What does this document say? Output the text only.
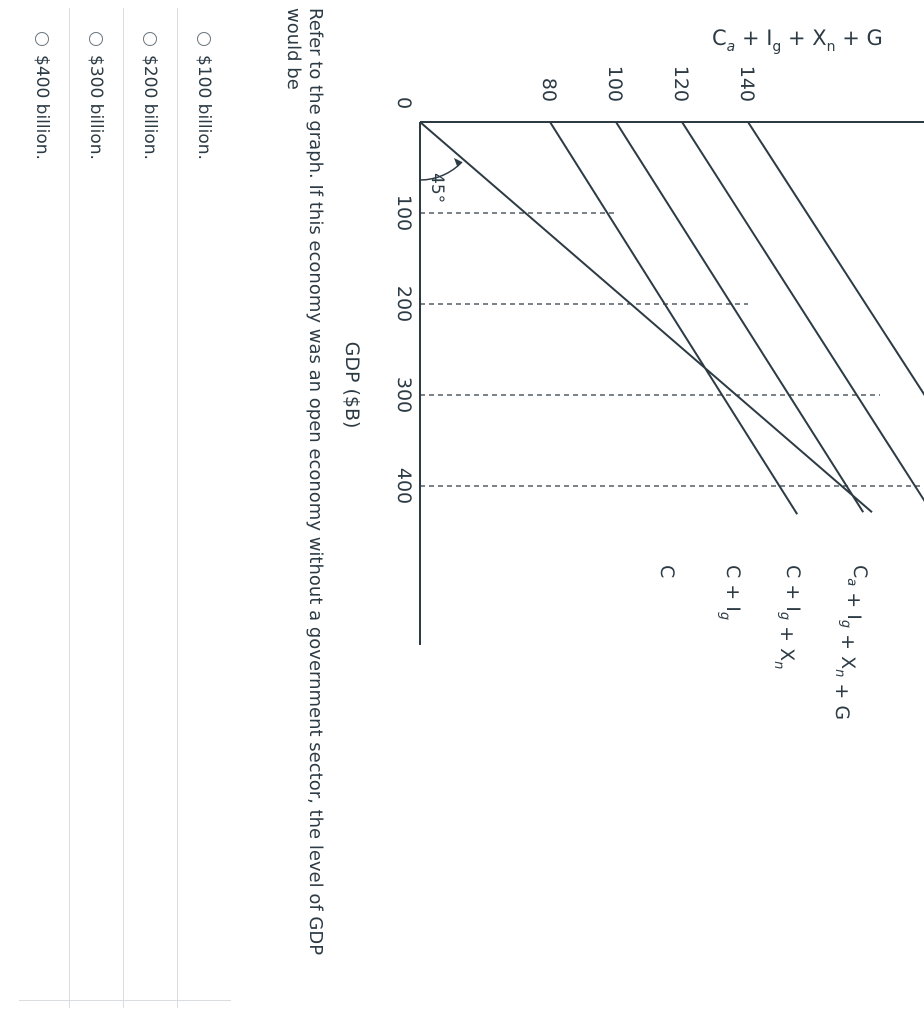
100
200
300
400
80 100 120 140
45°
0
GDP ($B)
$C_a + I_g + X_n + G$
C $C + I_g$
$C + I_g + X_n$
$C_a + I_g + X_n + G$
Refer to the graph. If this economy was an open economy without a government sector, the level of GDP would be
$100 billion.
$200 billion.
$300 billion.
$400 billion.
